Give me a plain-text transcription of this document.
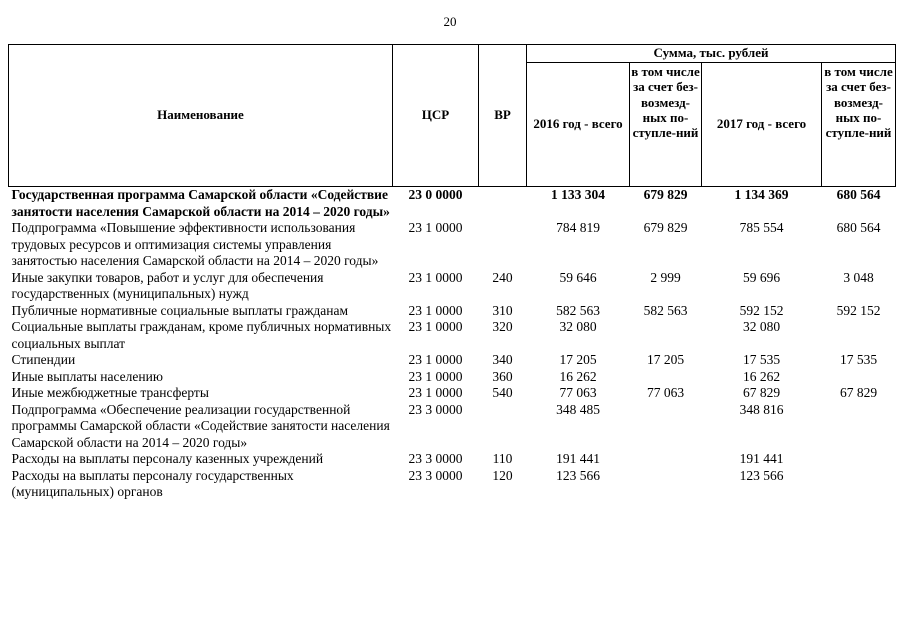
20
Наименование	ЦСР	ВР	Сумма, тыс. рублей			
			2016 год - всего	в том числе за счет без-возмезд-ных по-ступле-ний	2017 год - всего	в том числе за счет без-возмезд-ных по-ступле-ний
Государственная программа Самарской области «Содействие занятости населения Самарской области на 2014 – 2020 годы»	23 0 0000		1 133 304	679 829	1 134 369	680 564
Подпрограмма «Повышение эффективности использования трудовых ресурсов и оптимизация системы управления занятостью населения Самарской области на 2014 – 2020 годы»	23 1 0000		784 819	679 829	785 554	680 564
Иные закупки товаров, работ и услуг для обеспечения государственных (муниципальных) нужд	23 1 0000	240	59 646	2 999	59 696	3 048
Публичные нормативные социальные выплаты гражданам	23 1 0000	310	582 563	582 563	592 152	592 152
Социальные выплаты гражданам, кроме публичных нормативных социальных выплат	23 1 0000	320	32 080		32 080	
Стипендии	23 1 0000	340	17 205	17 205	17 535	17 535
Иные выплаты населению	23 1 0000	360	16 262		16 262	
Иные межбюджетные трансферты	23 1 0000	540	77 063	77 063	67 829	67 829
Подпрограмма «Обеспечение реализации государственной программы Самарской области «Содействие занятости населения Самарской области на 2014 – 2020 годы»	23 3 0000		348 485		348 816	
Расходы на выплаты персоналу казенных учреждений	23 3 0000	110	191 441		191 441	
Расходы на выплаты персоналу государственных (муниципальных) органов	23 3 0000	120	123 566		123 566	
